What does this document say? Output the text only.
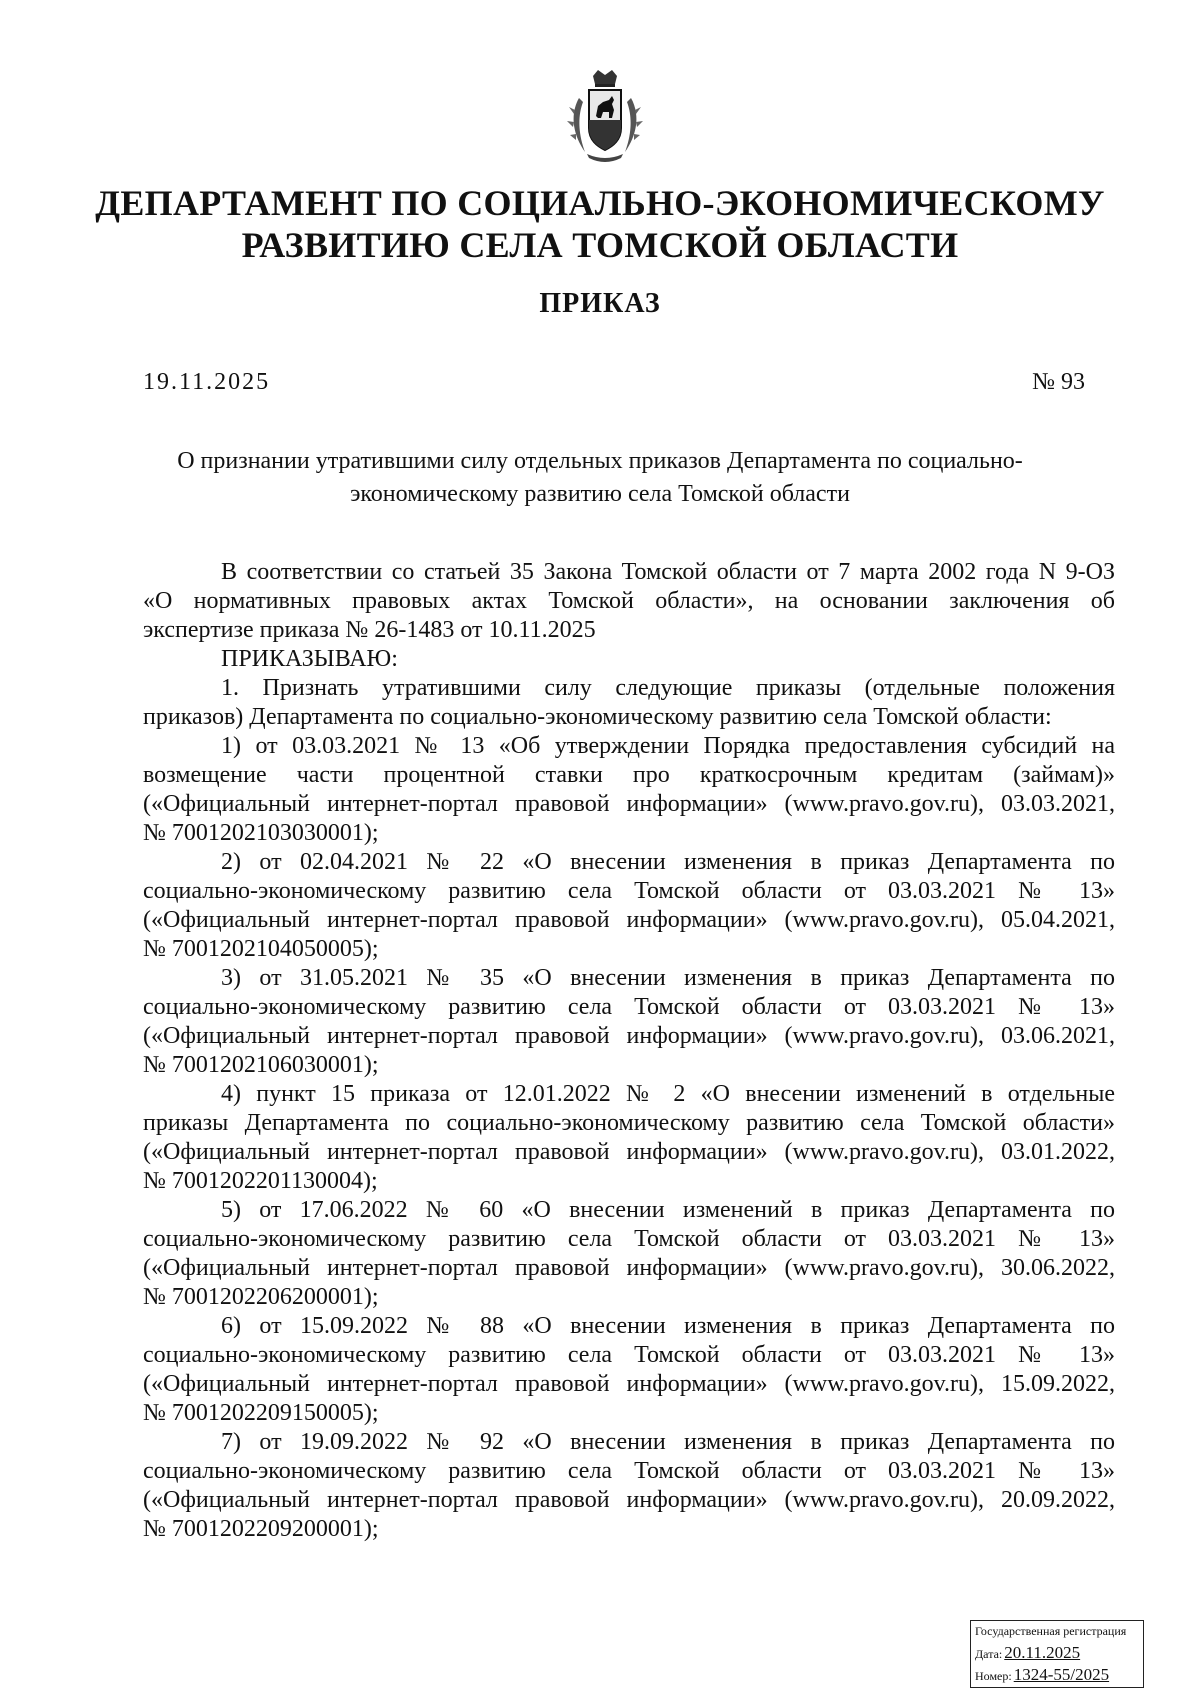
ДЕПАРТАМЕНТ ПО СОЦИАЛЬНО-ЭКОНОМИЧЕСКОМУ
РАЗВИТИЮ СЕЛА ТОМСКОЙ ОБЛАСТИ
ПРИКАЗ
19.11.2025	№ 93
О признании утратившими силу отдельных приказов Департамента по социально-
экономическому развитию села Томской области
В соответствии со статьей 35 Закона Томской области от 7 марта 2002 года N 9-ОЗ
«О нормативных правовых актах Томской области», на основании заключения об
экспертизе приказа № 26-1483 от 10.11.2025
ПРИКАЗЫВАЮ:
1. Признать утратившими силу следующие приказы (отдельные положения
приказов) Департамента по социально-экономическому развитию села Томской области:
1) от 03.03.2021 № 13 «Об утверждении Порядка предоставления субсидий на
возмещение части процентной ставки про краткосрочным кредитам (займам)»
(«Официальный интернет-портал правовой информации» (www.pravo.gov.ru), 03.03.2021,
№ 7001202103030001);
2) от 02.04.2021 № 22 «О внесении изменения в приказ Департамента по
социально-экономическому развитию села Томской области от 03.03.2021 № 13»
(«Официальный интернет-портал правовой информации» (www.pravo.gov.ru), 05.04.2021,
№ 7001202104050005);
3) от 31.05.2021 № 35 «О внесении изменения в приказ Департамента по
социально-экономическому развитию села Томской области от 03.03.2021 № 13»
(«Официальный интернет-портал правовой информации» (www.pravo.gov.ru), 03.06.2021,
№ 7001202106030001);
4) пункт 15 приказа от 12.01.2022 № 2 «О внесении изменений в отдельные
приказы Департамента по социально-экономическому развитию села Томской области»
(«Официальный интернет-портал правовой информации» (www.pravo.gov.ru), 03.01.2022,
№ 7001202201130004);
5) от 17.06.2022 № 60 «О внесении изменений в приказ Департамента по
социально-экономическому развитию села Томской области от 03.03.2021 № 13»
(«Официальный интернет-портал правовой информации» (www.pravo.gov.ru), 30.06.2022,
№ 7001202206200001);
6) от 15.09.2022 № 88 «О внесении изменения в приказ Департамента по
социально-экономическому развитию села Томской области от 03.03.2021 № 13»
(«Официальный интернет-портал правовой информации» (www.pravo.gov.ru), 15.09.2022,
№ 7001202209150005);
7) от 19.09.2022 № 92 «О внесении изменения в приказ Департамента по
социально-экономическому развитию села Томской области от 03.03.2021 № 13»
(«Официальный интернет-портал правовой информации» (www.pravo.gov.ru), 20.09.2022,
№ 7001202209200001);
Государственная регистрация
Дата: 20.11.2025
Номер: 1324-55/2025
